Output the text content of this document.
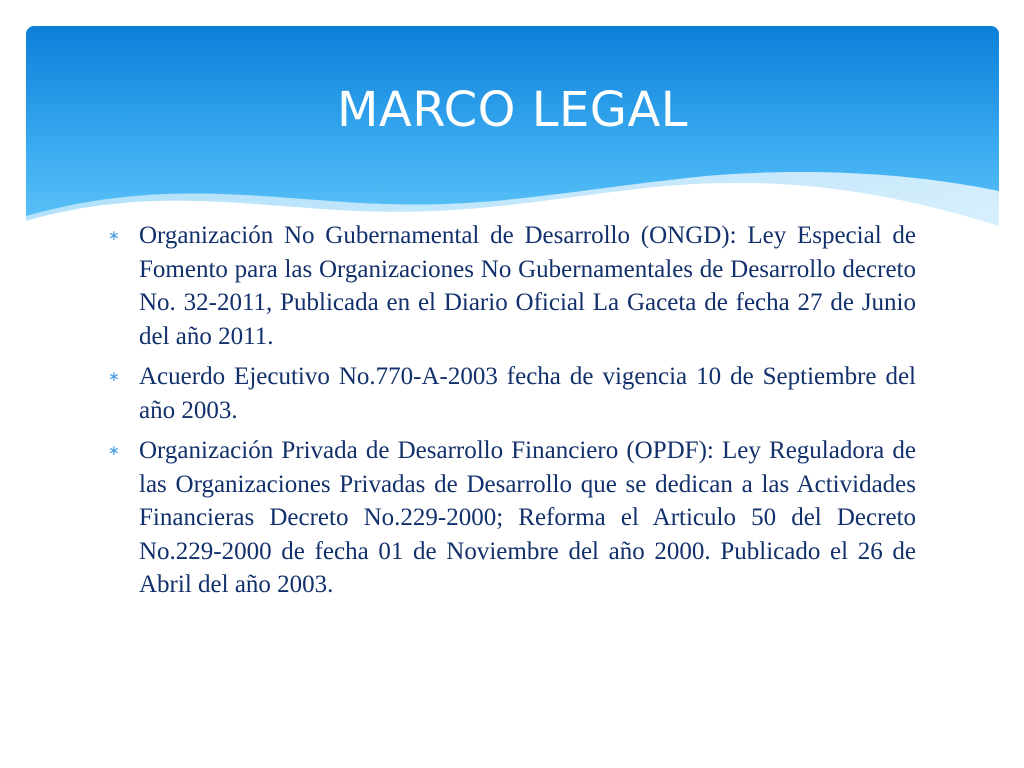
MARCO LEGAL
∗ Organización No Gubernamental de Desarrollo (ONGD): Ley Especial de Fomento para las Organizaciones No Gubernamentales de Desarrollo decreto No. 32-2011, Publicada en el Diario Oficial La Gaceta de fecha 27 de Junio del año 2011.
∗ Acuerdo Ejecutivo No.770-A-2003 fecha de vigencia 10 de Septiembre del año 2003.
∗ Organización Privada de Desarrollo Financiero (OPDF): Ley Reguladora de las Organizaciones Privadas de Desarrollo que se dedican a las Actividades Financieras Decreto No.229-2000; Reforma el Articulo 50 del Decreto No.229-2000 de fecha 01 de Noviembre del año 2000. Publicado el 26 de Abril del año 2003.
